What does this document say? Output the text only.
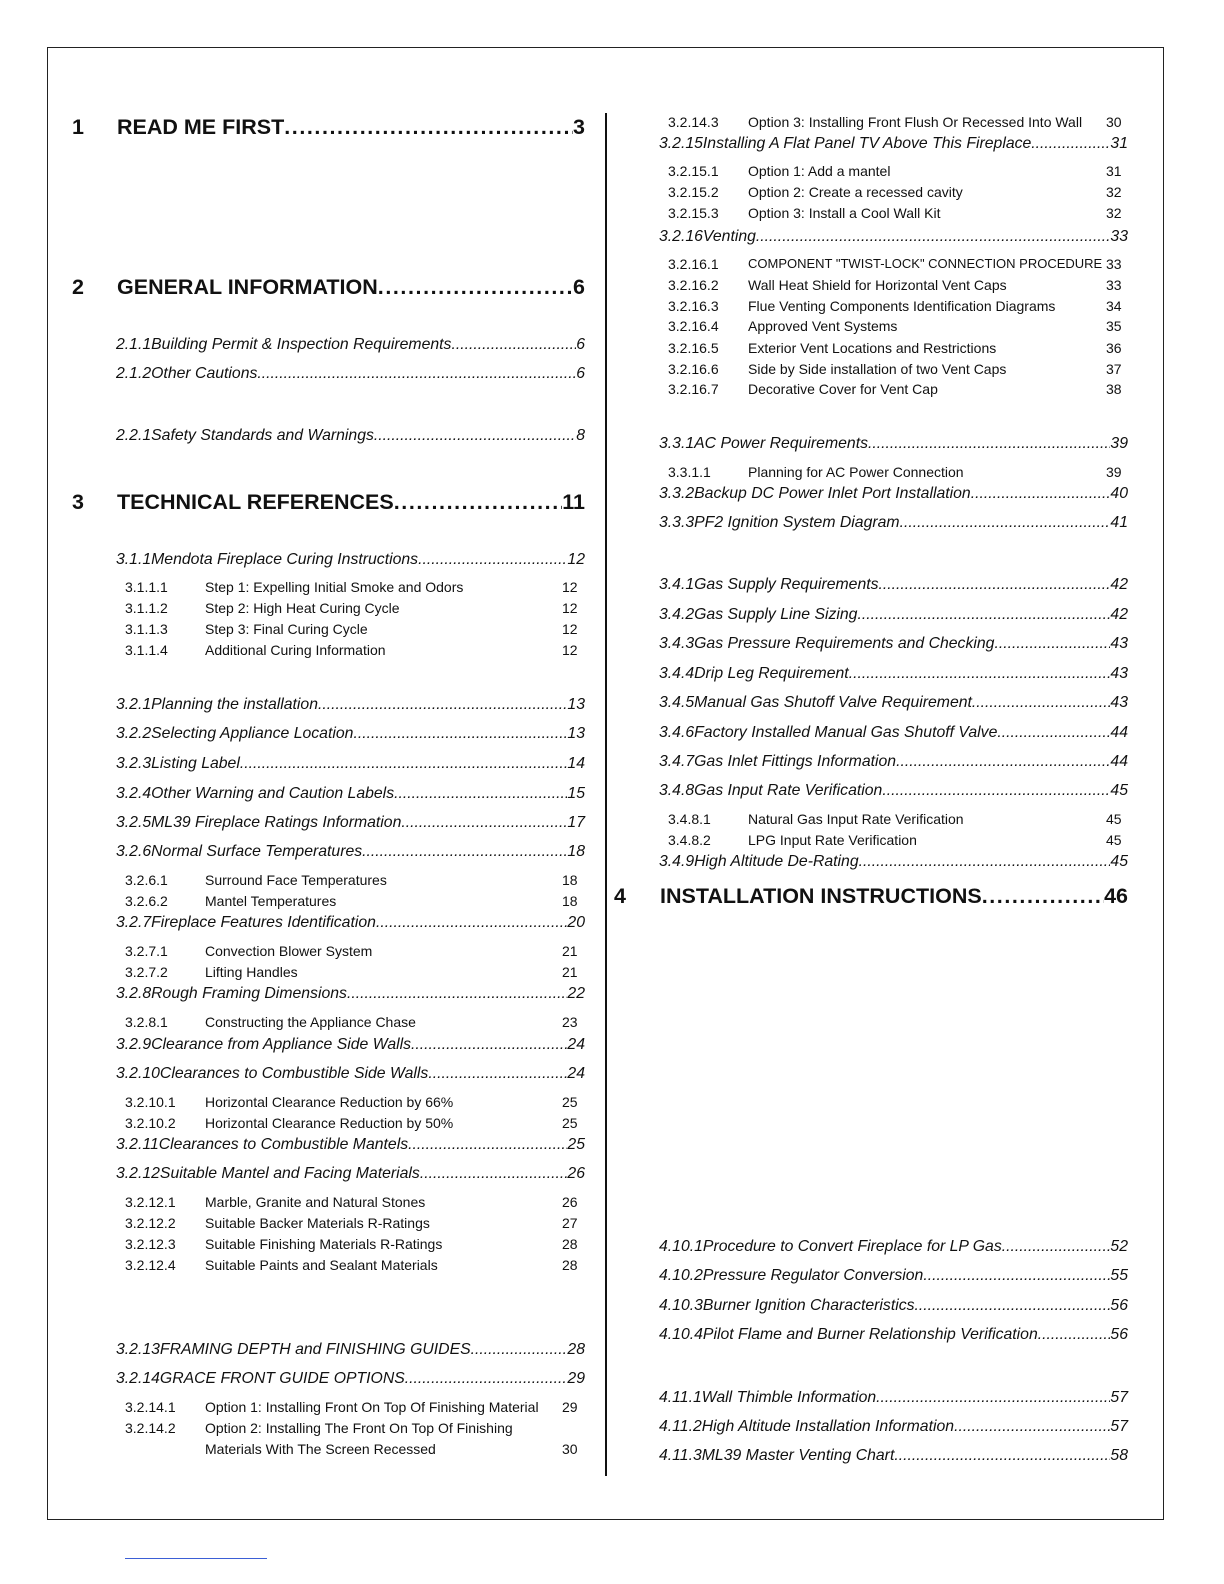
1 READ ME FIRST . . .	3
2 GENERAL INFORMATION . . .	6
3 TECHNICAL REFERENCES . . .	11
4 INSTALLATION INSTRUCTIONS . . .	46
2.1.1 Building Permit & Inspection Requirements . . .	6
2.1.2 Other Cautions . . .	6
2.2.1 Safety Standards and Warnings . . .	8
3.1.1 Mendota Fireplace Curing Instructions . . .	12
3.1.1.1	Step 1: Expelling Initial Smoke and Odors	12
3.1.1.2	Step 2: High Heat Curing Cycle	12
3.1.1.3	Step 3: Final Curing Cycle	12
3.1.1.4	Additional Curing Information	12
3.2.1 Planning the installation . . .	13
3.2.2 Selecting Appliance Location . . .	13
3.2.3 Listing Label . . .	14
3.2.4 Other Warning and Caution Labels . . .	15
3.2.5 ML39 Fireplace Ratings Information . . .	17
3.2.6 Normal Surface Temperatures . . .	18
3.2.6.1	Surround Face Temperatures	18
3.2.6.2	Mantel Temperatures	18
3.2.7 Fireplace Features Identification . . .	20
3.2.7.1	Convection Blower System	21
3.2.7.2	Lifting Handles	21
3.2.8 Rough Framing Dimensions . . .	22
3.2.8.1	Constructing the Appliance Chase	23
3.2.9 Clearance from Appliance Side Walls . . .	24
3.2.10 Clearances to Combustible Side Walls . . .	24
3.2.10.1 Horizontal Clearance Reduction by 66%	25
3.2.10.2 Horizontal Clearance Reduction by 50%	25
3.2.11 Clearances to Combustible Mantels . . .	25
3.2.12 Suitable Mantel and Facing Materials . . .	26
3.2.12.1 Marble, Granite and Natural Stones	26
3.2.12.2 Suitable Backer Materials R-Ratings	27
3.2.12.3 Suitable Finishing Materials R-Ratings	28
3.2.12.4 Suitable Paints and Sealant Materials	28
3.2.13 FRAMING DEPTH and FINISHING GUIDES . . .	28
3.2.14 GRACE FRONT GUIDE OPTIONS . . .	29
3.2.14.1 Option 1: Installing Front On Top Of Finishing Material 29
3.2.14.2 Option 2: Installing The Front On Top Of Finishing
Materials With The Screen Recessed	30
3.2.14.3 Option 3: Installing Front Flush Or Recessed Into Wall 30
3.2.15 Installing A Flat Panel TV Above This Fireplace . . .	31
3.2.15.1 Option 1: Add a mantel	31
3.2.15.2 Option 2: Create a recessed cavity	32
3.2.15.3 Option 3: Install a Cool Wall Kit	32
3.2.16 Venting . . .	33
3.2.16.1 COMPONENT "TWIST-LOCK" CONNECTION PROCEDURE 33
3.2.16.2 Wall Heat Shield for Horizontal Vent Caps	33
3.2.16.3 Flue Venting Components Identification Diagrams	34
3.2.16.4 Approved Vent Systems	35
3.2.16.5 Exterior Vent Locations and Restrictions	36
3.2.16.6 Side by Side installation of two Vent Caps	37
3.2.16.7 Decorative Cover for Vent Cap	38
3.3.1 AC Power Requirements . . .	39
3.3.1.1	Planning for AC Power Connection	39
3.3.2 Backup DC Power Inlet Port Installation . . .	40
3.3.3 PF2 Ignition System Diagram . . .	41
3.4.1 Gas Supply Requirements . . .	42
3.4.2 Gas Supply Line Sizing . . .	42
3.4.3 Gas Pressure Requirements and Checking . . .	43
3.4.4 Drip Leg Requirement . . .	43
3.4.5 Manual Gas Shutoff Valve Requirement . . .	43
3.4.6 Factory Installed Manual Gas Shutoff Valve . . .	44
3.4.7 Gas Inlet Fittings Information . . .	44
3.4.8 Gas Input Rate Verification . . .	45
3.4.8.1	Natural Gas Input Rate Verification	45
3.4.8.2	LPG Input Rate Verification	45
3.4.9 High Altitude De-Rating . . .	45
4.10.1 Procedure to Convert Fireplace for LP Gas . . .	52
4.10.2 Pressure Regulator Conversion . . .	55
4.10.3 Burner Ignition Characteristics . . .	56
4.10.4 Pilot Flame and Burner Relationship Verification . . .	56
4.11.1 Wall Thimble Information . . .	57
4.11.2 High Altitude Installation Information . . .	57
4.11.3 ML39 Master Venting Chart . . .	58
